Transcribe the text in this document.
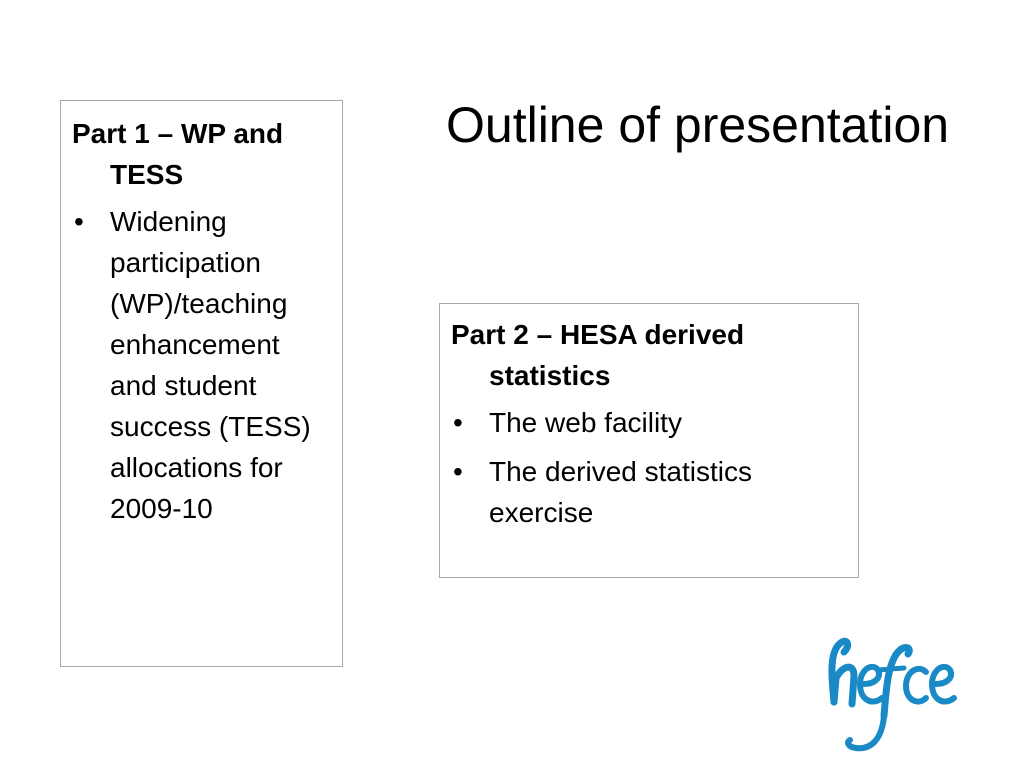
Outline of presentation

Part 1 – WP and TESS

• Widening participation (WP)/teaching enhancement and student success (TESS) allocations for 2009-10

Part 2 – HESA derived statistics

• The web facility
• The derived statistics exercise
